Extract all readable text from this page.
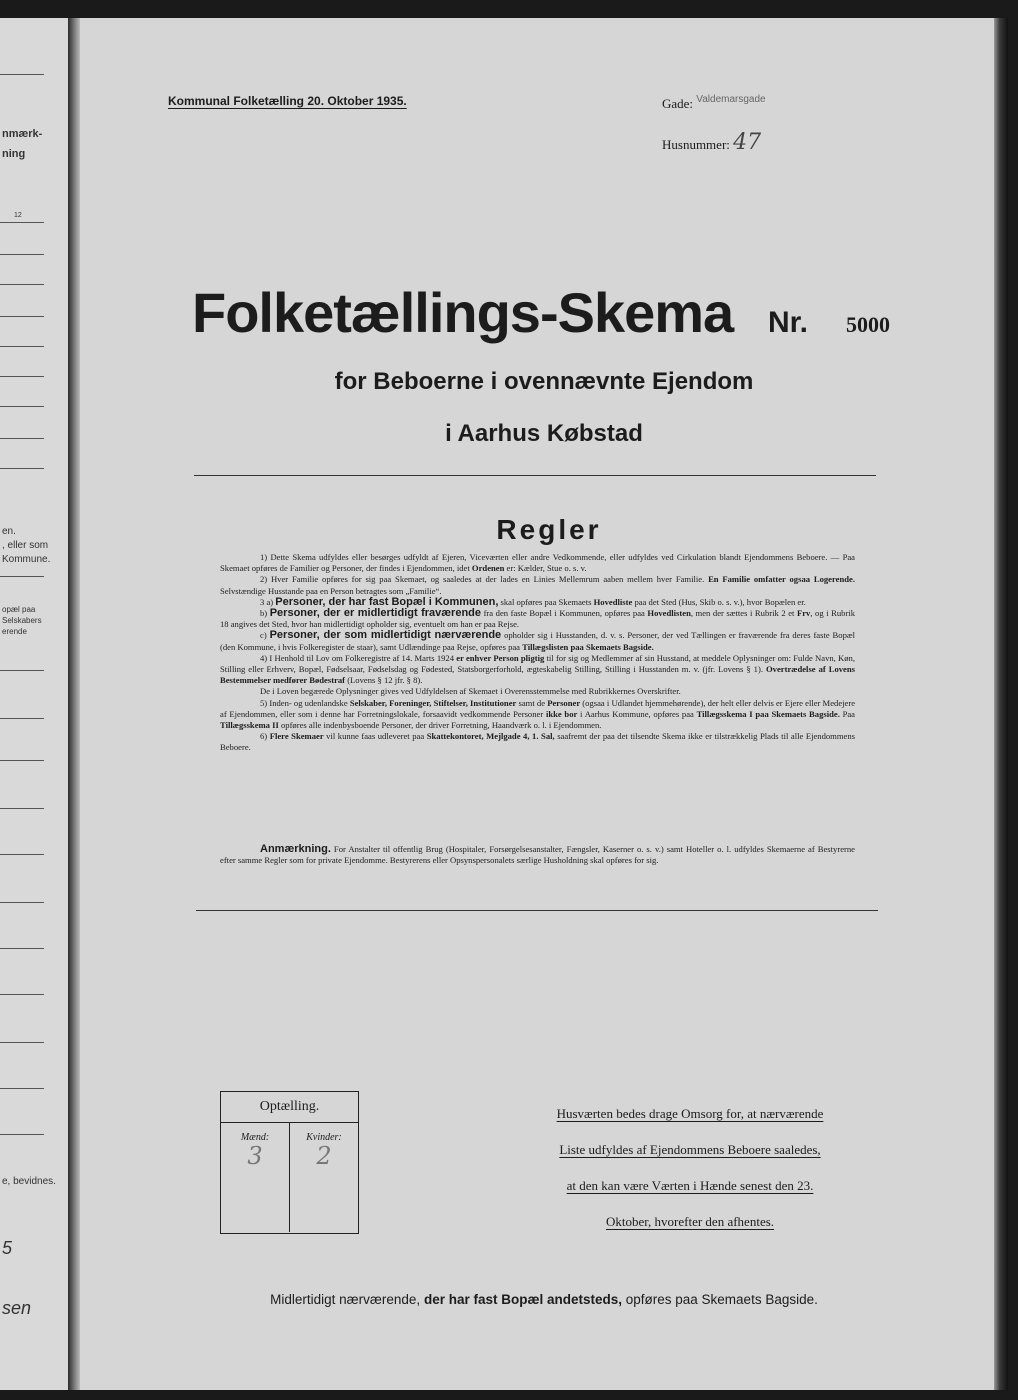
nmærk-
ning
12
en.
, eller som
Kommune.
opæl paa
Selskabers
erende
e, bevidnes.
5
sen
Kommunal Folketælling 20. Oktober 1935.	Gade: $^{Valdemarsgade}$
Husnummer: 47
Folketællings-Skema Nr. 5000
for Beboerne i ovennævnte Ejendom
i Aarhus Købstad
Regler

1) Dette Skema udfyldes eller besørges udfyldt af Ejeren, Viceværten eller andre Vedkommende, eller udfyldes ved Cirkulation blandt Ejendommens Beboere. — Paa Skemaet opføres de Familier og Personer, der findes i Ejendommen, idet Ordenen er: Kælder, Stue o. s. v.

2) Hver Familie opføres for sig paa Skemaet, og saaledes at der lades en Linies Mellemrum aaben mellem hver Familie. En Familie omfatter ogsaa Logerende. Selvstændige Husstande paa en Person betragtes som „Familie“.

3 a) Personer, der har fast Bopæl i Kommunen, skal opføres paa Skemaets Hovedliste paa det Sted (Hus, Skib o. s. v.), hvor Bopælen er.

b) Personer, der er midlertidigt fraværende fra den faste Bopæl i Kommunen, opføres paa Hovedlisten, men der sættes i Rubrik 2 et Frv, og i Rubrik 18 angives det Sted, hvor han midlertidigt opholder sig, eventuelt om han er paa Rejse.

c) Personer, der som midlertidigt nærværende opholder sig i Husstanden, d. v. s. Personer, der ved Tællingen er fraværende fra deres faste Bopæl (den Kommune, i hvis Folkeregister de staar), samt Udlændinge paa Rejse, opføres paa Tillægslisten paa Skemaets Bagside.

4) I Henhold til Lov om Folkeregistre af 14. Marts 1924 er enhver Person pligtig til for sig og Medlemmer af sin Husstand, at meddele Oplysninger om: Fulde Navn, Køn, Stilling eller Erhverv, Bopæl, Fødselsaar, Fødselsdag og Fødested, Statsborgerforhold, ægteskabelig Stilling, Stilling i Husstanden m. v. (jfr. Lovens § 1). Overtrædelse af Lovens Bestemmelser medfører Bødestraf (Lovens § 12 jfr. § 8).

De i Loven begærede Oplysninger gives ved Udfyldelsen af Skemaet i Overensstemmelse med Rubrikkernes Overskrifter.

5) Inden- og udenlandske Selskaber, Foreninger, Stiftelser, Institutioner samt de Personer (ogsaa i Udlandet hjemmehørende), der helt eller delvis er Ejere eller Medejere af Ejendommen, eller som i denne har Forretningslokale, forsaavidt vedkommende Personer ikke bor i Aarhus Kommune, opføres paa Tillægsskema I paa Skemaets Bagside. Paa Tillægsskema II opføres alle indenbysboende Personer, der driver Forretning, Haandværk o. l. i Ejendommen.

6) Flere Skemaer vil kunne faas udleveret paa Skattekontoret, Mejlgade 4, 1. Sal, saafremt der paa det tilsendte Skema ikke er tilstrækkelig Plads til alle Ejendommens Beboere.

Anmærkning. For Anstalter til offentlig Brug (Hospitaler, Forsørgelsesanstalter, Fængsler, Kaserner o. s. v.) samt Hoteller o. l. udfyldes Skemaerne af Bestyrerne efter samme Regler som for private Ejendomme. Bestyrerens eller Opsynspersonalets særlige Husholdning skal opføres for sig.
Optælling.
Mænd:	Kvinder:
3	2
Husværten bedes drage Omsorg for, at nærværende
Liste udfyldes af Ejendommens Beboere saaledes,
at den kan være Værten i Hænde senest den 23.
Oktober, hvorefter den afhentes.
Midlertidigt nærværende, der har fast Bopæl andetsteds, opføres paa Skemaets Bagside.
